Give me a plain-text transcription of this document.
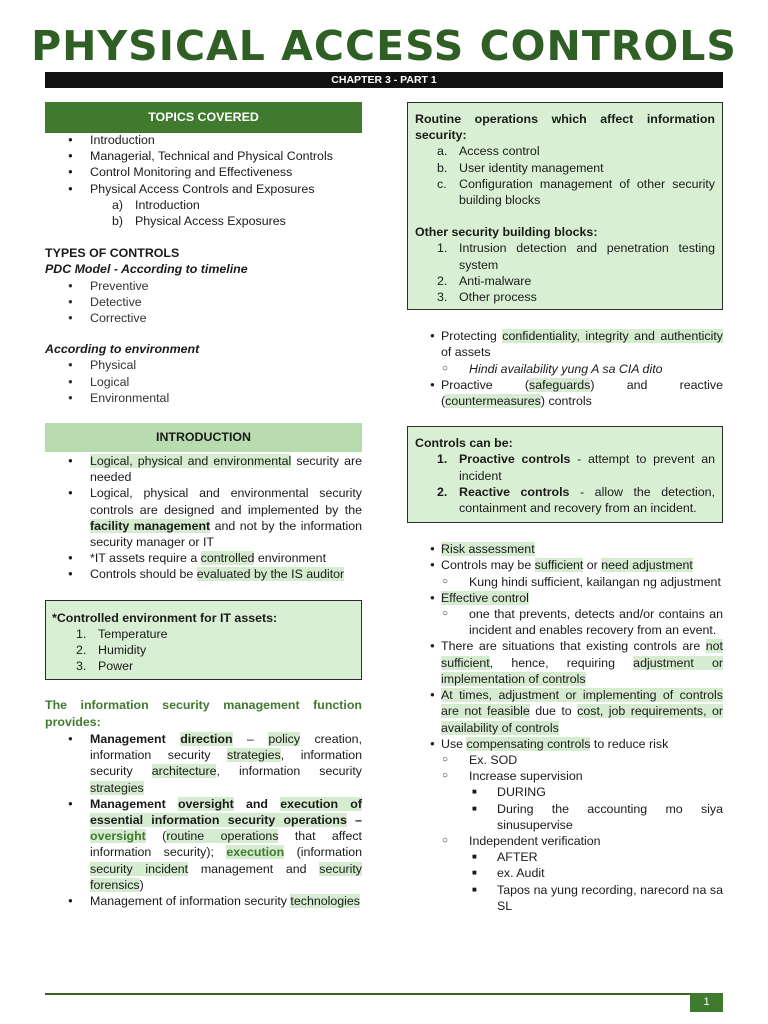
PHYSICAL ACCESS CONTROLS
CHAPTER 3 - PART 1
TOPICS COVERED
● Introduction
● Managerial, Technical and Physical Controls
● Control Monitoring and Effectiveness
● Physical Access Controls and Exposures
a) Introduction
b) Physical Access Exposures
TYPES OF CONTROLS
PDC Model - According to timeline
● Preventive
● Detective
● Corrective
According to environment
● Physical
● Logical
● Environmental
INTRODUCTION
● Logical, physical and environmental security are needed
● Logical, physical and environmental security controls are designed and implemented by the facility management and not by the information security manager or IT
● *IT assets require a controlled environment
● Controls should be evaluated by the IS auditor
*Controlled environment for IT assets:
1. Temperature
2. Humidity
3. Power
The information security management function provides:
● Management direction – policy creation, information security strategies, information security architecture, information security strategies
● Management oversight and execution of essential information security operations – oversight (routine operations that affect information security); execution (information security incident management and security forensics)
● Management of information security technologies
Routine operations which affect information security:
a. Access control
b. User identity management
c. Configuration management of other security building blocks
Other security building blocks:
1. Intrusion detection and penetration testing system
2. Anti-malware
3. Other process
● Protecting confidentiality, integrity and authenticity of assets
○ Hindi availability yung A sa CIA dito
● Proactive (safeguards) and reactive (countermeasures) controls
Controls can be:
1. Proactive controls - attempt to prevent an incident
2. Reactive controls - allow the detection, containment and recovery from an incident.
● Risk assessment
● Controls may be sufficient or need adjustment
○ Kung hindi sufficient, kailangan ng adjustment
● Effective control
○ one that prevents, detects and/or contains an incident and enables recovery from an event.
● There are situations that existing controls are not sufficient, hence, requiring adjustment or implementation of controls
● At times, adjustment or implementing of controls are not feasible due to cost, job requirements, or availability of controls
● Use compensating controls to reduce risk
○ Ex. SOD
○ Increase supervision
■ DURING
■ During the accounting mo siya sinusupervise
○ Independent verification
■ AFTER
■ ex. Audit
■ Tapos na yung recording, narecord na sa SL
1
